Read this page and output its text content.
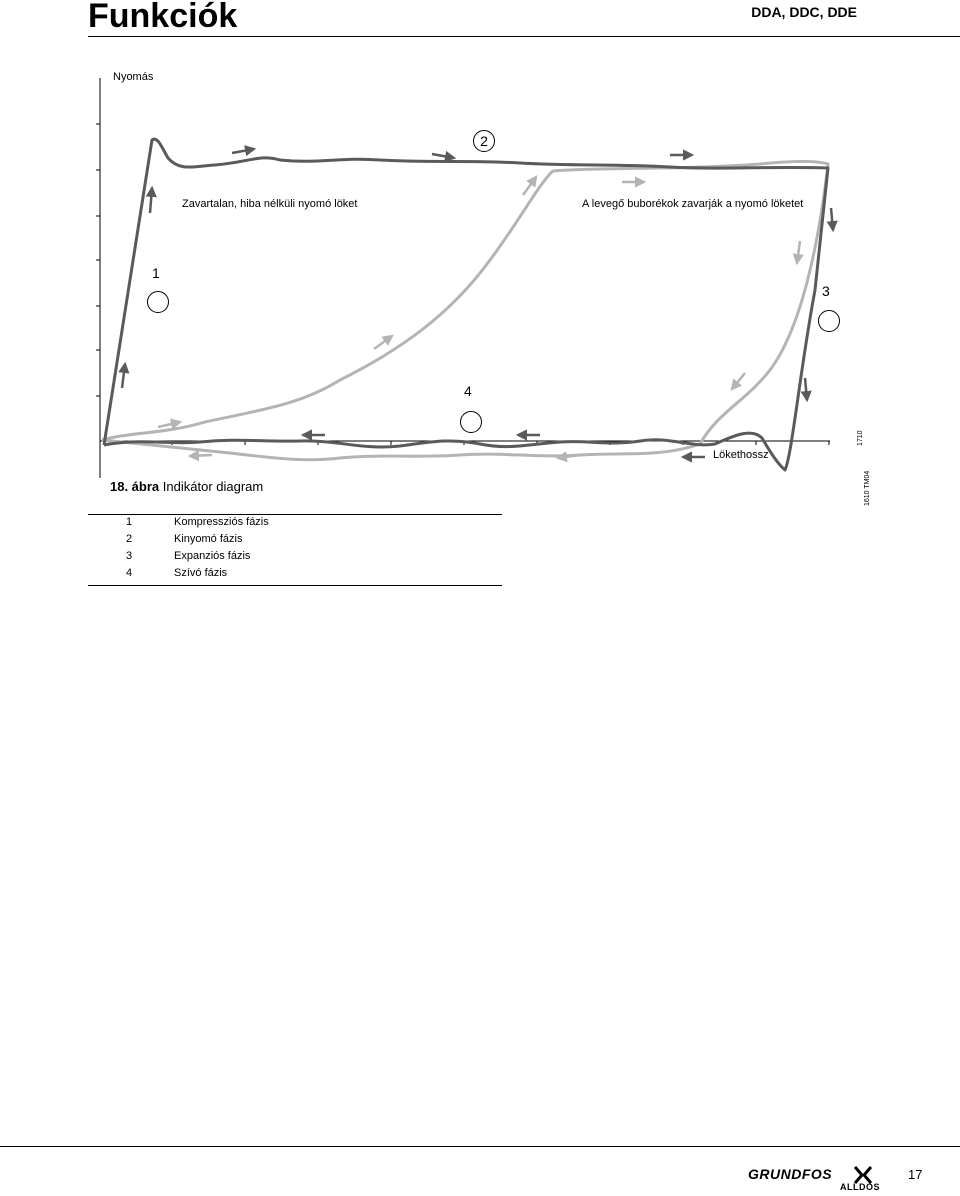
Funkciók	DDA, DDC, DDE
1
2
3
4
Nyomás
Lökethossz
Zavartalan, hiba nélküli nyomó löket	A levegő buborékok zavarják a nyomó löketet
1710
1610 TM04
18. ábra Indikátor diagram
1	Kompressziós fázis
2	Kinyomó fázis
3	Expanziós fázis
4	Szívó fázis
GRUNDFOS
ALLDOS
17
